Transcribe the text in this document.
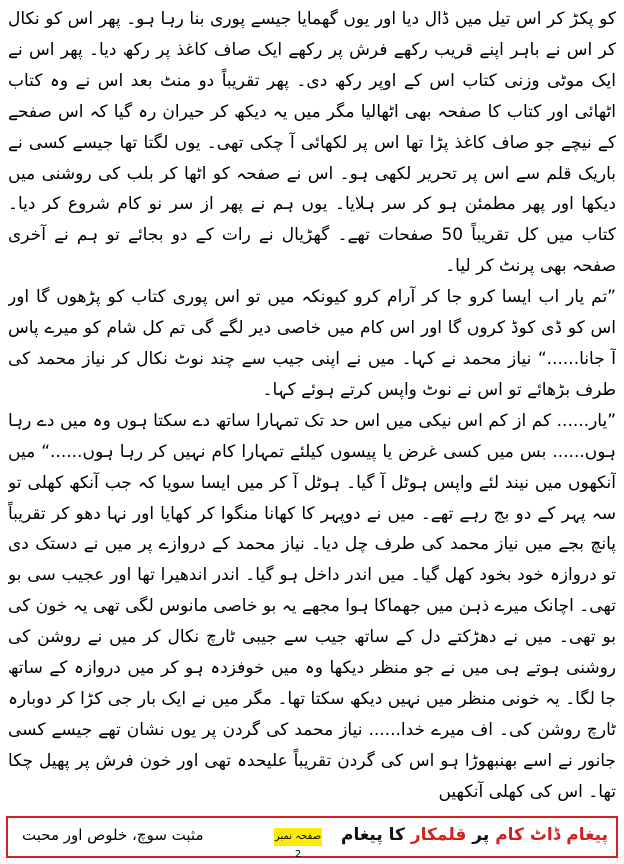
کو پکڑ کر اس تیل میں ڈال دیا اور یوں گھمایا جیسے پوری بنا رہا ہو۔ پھر اس کو نکال کر اس نے باہر اپنے قریب رکھے فرش پر رکھے ایک صاف کاغذ پر رکھ دیا۔ پھر اس نے ایک موٹی وزنی کتاب اس کے اوپر رکھ دی۔ پھر تقریباً دو منٹ بعد اس نے وہ کتاب اٹھائی اور کتاب کا صفحہ بھی اٹھالیا مگر میں یہ دیکھ کر حیران رہ گیا کہ اس صفحے کے نیچے جو صاف کاغذ پڑا تھا اس پر لکھائی آ چکی تھی۔ یوں لگتا تھا جیسے کسی نے باریک قلم سے اس پر تحریر لکھی ہو۔ اس نے صفحہ کو اٹھا کر بلب کی روشنی میں دیکھا اور پھر مطمئن ہو کر سر ہلایا۔ یوں ہم نے پھر از سر نو کام شروع کر دیا۔ کتاب میں کل تقریباً 50 صفحات تھے۔ گھڑیال نے رات کے دو بجائے تو ہم نے آخری صفحہ بھی پرنٹ کر لیا۔

”تم یار اب ایسا کرو جا کر آرام کرو کیونکہ میں تو اس پوری کتاب کو پڑھوں گا اور اس کو ڈی کوڈ کروں گا اور اس کام میں خاصی دیر لگے گی تم کل شام کو میرے پاس آ جانا......“ نیاز محمد نے کہا۔ میں نے اپنی جیب سے چند نوٹ نکال کر نیاز محمد کی طرف بڑھائے تو اس نے نوٹ واپس کرتے ہوئے کہا۔

”یار...... کم از کم اس نیکی میں اس حد تک تمہارا ساتھ دے سکتا ہوں وہ میں دے رہا ہوں...... بس میں کسی غرض یا پیسوں کیلئے تمہارا کام نہیں کر رہا ہوں......“ میں آنکھوں میں نیند لئے واپس ہوٹل آ گیا۔ ہوٹل آ کر میں ایسا سویا کہ جب آنکھ کھلی تو سہ پہر کے دو بج رہے تھے۔ میں نے دوپہر کا کھانا منگوا کر کھایا اور نہا دھو کر تقریباً پانچ بجے میں نیاز محمد کی طرف چل دیا۔ نیاز محمد کے دروازے پر میں نے دستک دی تو دروازہ خود بخود کھل گیا۔ میں اندر داخل ہو گیا۔ اندر اندھیرا تھا اور عجیب سی بو تھی۔ اچانک میرے ذہن میں جھماکا ہوا مجھے یہ بو خاصی مانوس لگی تھی یہ خون کی بو تھی۔ میں نے دھڑکتے دل کے ساتھ جیب سے جیبی ٹارچ نکال کر میں نے روشن کی روشنی ہوتے ہی میں نے جو منظر دیکھا وہ میں خوفزدہ ہو کر میں دروازہ کے ساتھ جا لگا۔ یہ خونی منظر میں نہیں دیکھ سکتا تھا۔ مگر میں نے ایک بار جی کڑا کر دوبارہ ٹارچ روشن کی۔ اف میرے خدا...... نیاز محمد کی گردن پر یوں نشان تھے جیسے کسی جانور نے اسے بھنبھوڑا ہو اس کی گردن تقریباً علیحدہ تھی اور خون فرش پر پھیل چکا تھا۔ اس کی کھلی آنکھیں

پیغام ڈاٹ کام پر قلمکار کا پیغام
صفحہ نمبر 2
مثبت سوچ، خلوص اور محبت
